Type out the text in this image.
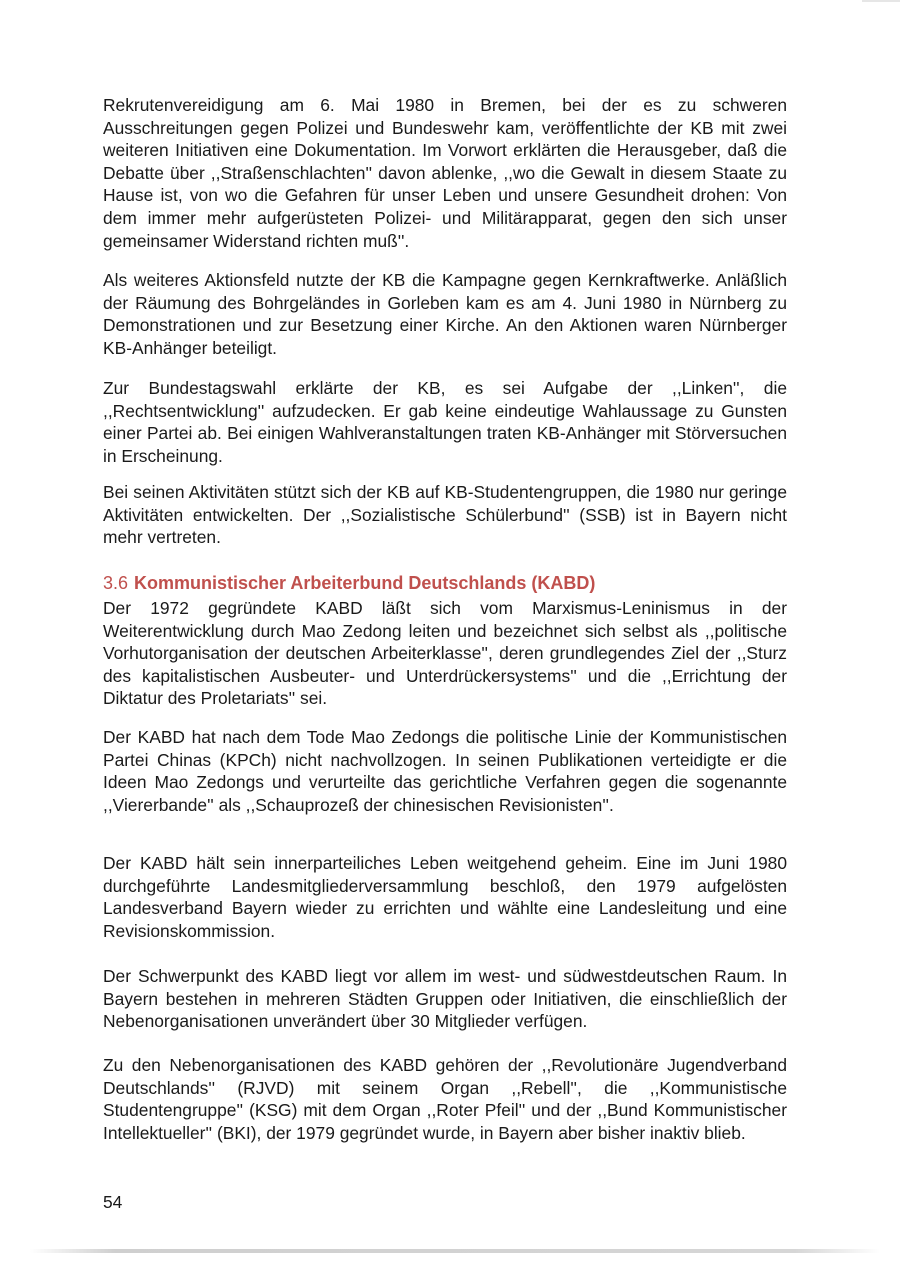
Rekrutenvereidigung am 6. Mai 1980 in Bremen, bei der es zu schweren Ausschreitungen gegen Polizei und Bundeswehr kam, veröffentlichte der KB mit zwei weiteren Initiativen eine Dokumentation. Im Vorwort erklärten die Herausgeber, daß die Debatte über ,,Straßenschlachten'' davon ablenke, ,,wo die Gewalt in diesem Staate zu Hause ist, von wo die Gefahren für unser Leben und unsere Gesundheit drohen: Von dem immer mehr aufgerüsteten Polizei- und Militärapparat, gegen den sich unser gemeinsamer Widerstand richten muß''.

Als weiteres Aktionsfeld nutzte der KB die Kampagne gegen Kernkraftwerke. Anläßlich der Räumung des Bohrgeländes in Gorleben kam es am 4. Juni 1980 in Nürnberg zu Demonstrationen und zur Besetzung einer Kirche. An den Aktionen waren Nürnberger KB-Anhänger beteiligt.

Zur Bundestagswahl erklärte der KB, es sei Aufgabe der ,,Linken'', die ,,Rechtsentwicklung'' aufzudecken. Er gab keine eindeutige Wahlaussage zu Gunsten einer Partei ab. Bei einigen Wahlveranstaltungen traten KB-Anhänger mit Störversuchen in Erscheinung.

Bei seinen Aktivitäten stützt sich der KB auf KB-Studentengruppen, die 1980 nur geringe Aktivitäten entwickelten. Der ,,Sozialistische Schülerbund'' (SSB) ist in Bayern nicht mehr vertreten.

3.6 Kommunistischer Arbeiterbund Deutschlands (KABD)

Der 1972 gegründete KABD läßt sich vom Marxismus-Leninismus in der Weiterentwicklung durch Mao Zedong leiten und bezeichnet sich selbst als ,,politische Vorhutorganisation der deutschen Arbeiterklasse'', deren grundlegendes Ziel der ,,Sturz des kapitalistischen Ausbeuter- und Unterdrückersystems'' und die ,,Errichtung der Diktatur des Proletariats'' sei.

Der KABD hat nach dem Tode Mao Zedongs die politische Linie der Kommunistischen Partei Chinas (KPCh) nicht nachvollzogen. In seinen Publikationen verteidigte er die Ideen Mao Zedongs und verurteilte das gerichtliche Verfahren gegen die sogenannte ,,Viererbande'' als ,,Schauprozeß der chinesischen Revisionisten''.

Der KABD hält sein innerparteiliches Leben weitgehend geheim. Eine im Juni 1980 durchgeführte Landesmitgliederversammlung beschloß, den 1979 aufgelösten Landesverband Bayern wieder zu errichten und wählte eine Landesleitung und eine Revisionskommission.

Der Schwerpunkt des KABD liegt vor allem im west- und südwestdeutschen Raum. In Bayern bestehen in mehreren Städten Gruppen oder Initiativen, die einschließlich der Nebenorganisationen unverändert über 30 Mitglieder verfügen.

Zu den Nebenorganisationen des KABD gehören der ,,Revolutionäre Jugendverband Deutschlands'' (RJVD) mit seinem Organ ,,Rebell'', die ,,Kommunistische Studentengruppe'' (KSG) mit dem Organ ,,Roter Pfeil'' und der ,,Bund Kommunistischer Intellektueller'' (BKI), der 1979 gegründet wurde, in Bayern aber bisher inaktiv blieb.

54
